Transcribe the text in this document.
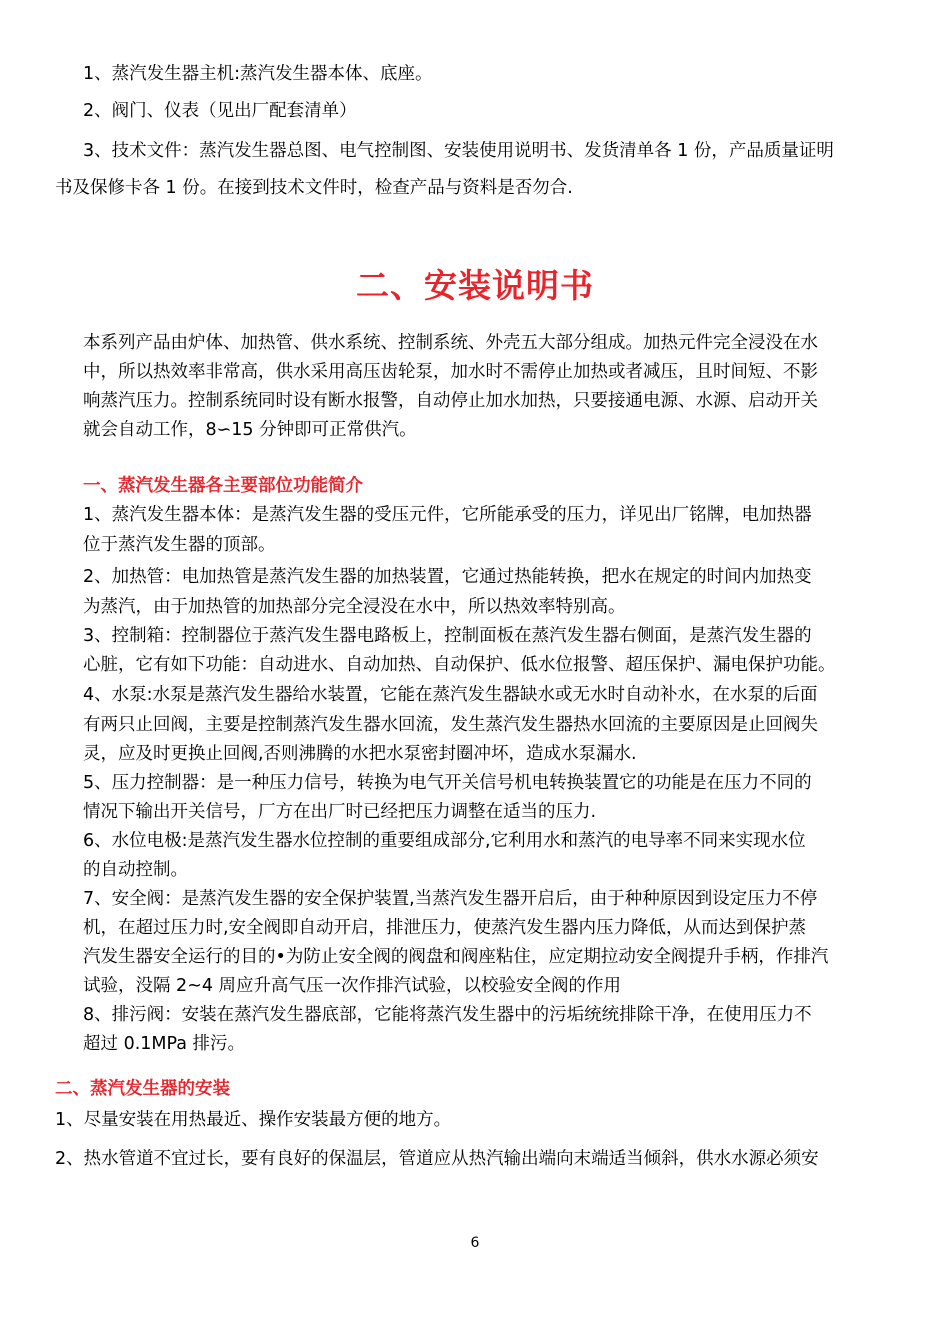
1、蒸汽发生器主机:蒸汽发生器本体、底座。

2、阀门、仪表（见出厂配套清单）

3、技术文件：蒸汽发生器总图、电气控制图、安装使用说明书、发货清单各 1 份，产品质量证明

书及保修卡各 1 份。在接到技术文件时，检查产品与资料是否勿合.

二、安装说明书

本系列产品由炉体、加热管、供水系统、控制系统、外壳五大部分组成。加热元件完全浸没在水

中，所以热效率非常高，供水采用高压齿轮泵，加水时不需停止加热或者减压，且时间短、不影

响蒸汽压力。控制系统同时设有断水报警，自动停止加水加热，只要接通电源、水源、启动开关

就会自动工作，8∽15 分钟即可正常供汽。

一、蒸汽发生器各主要部位功能简介

1、蒸汽发生器本体：是蒸汽发生器的受压元件，它所能承受的压力，详见出厂铭牌，电加热器

位于蒸汽发生器的顶部。

2、加热管：电加热管是蒸汽发生器的加热装置，它通过热能转换，把水在规定的时间内加热变

为蒸汽，由于加热管的加热部分完全浸没在水中，所以热效率特别高。

3、控制箱：控制器位于蒸汽发生器电路板上，控制面板在蒸汽发生器右侧面，是蒸汽发生器的

心脏，它有如下功能：自动进水、自动加热、自动保护、低水位报警、超压保护、漏电保护功能。

4、水泵:水泵是蒸汽发生器给水装置，它能在蒸汽发生器缺水或无水时自动补水，在水泵的后面

有两只止回阀，主要是控制蒸汽发生器水回流，发生蒸汽发生器热水回流的主要原因是止回阀失

灵，应及时更换止回阀,否则沸腾的水把水泵密封圈冲坏，造成水泵漏水.

5、压力控制器：是一种压力信号，转换为电气开关信号机电转换装置它的功能是在压力不同的

情况下输出开关信号，厂方在出厂时已经把压力调整在适当的压力.

6、水位电极:是蒸汽发生器水位控制的重要组成部分,它利用水和蒸汽的电导率不同来实现水位

的自动控制。

7、安全阀：是蒸汽发生器的安全保护装置,当蒸汽发生器开启后，由于种种原因到设定压力不停

机，在超过压力时,安全阀即自动开启，排泄压力，使蒸汽发生器内压力降低，从而达到保护蒸

汽发生器安全运行的目的•为防止安全阀的阀盘和阀座粘住，应定期拉动安全阀提升手柄，作排汽

试验，没隔 2~4 周应升高气压一次作排汽试验，以校验安全阀的作用

8、排污阀：安装在蒸汽发生器底部，它能将蒸汽发生器中的污垢统统排除干净，在使用压力不

超过 0.1MPa 排污。

二、蒸汽发生器的安装

1、尽量安装在用热最近、操作安装最方便的地方。

2、热水管道不宜过长，要有良好的保温层，管道应从热汽输出端向末端适当倾斜，供水水源必须安

6
